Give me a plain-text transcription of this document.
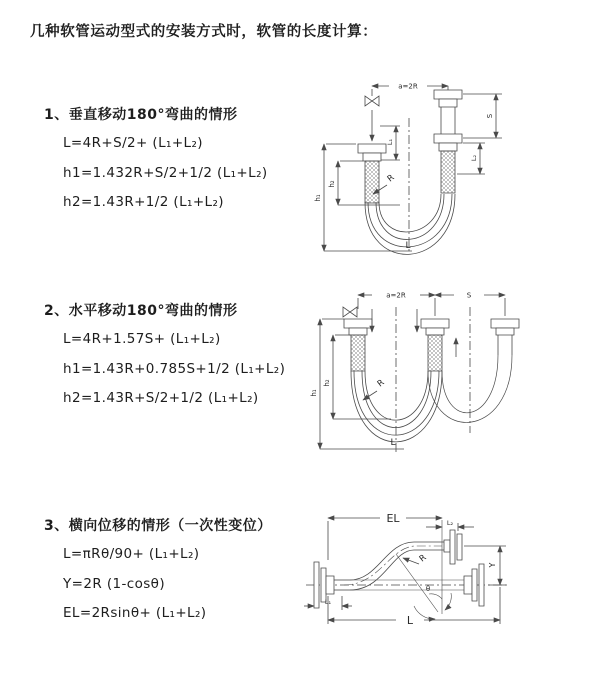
几种软管运动型式的安装方式时，软管的长度计算：
1、垂直移动180°弯曲的情形
L=4R+S/2+ (L₁+L₂)
h1=1.432R+S/2+1/2 (L₁+L₂)
h2=1.43R+1/2 (L₁+L₂)
2、水平移动180°弯曲的情形
L=4R+1.57S+ (L₁+L₂)
h1=1.43R+0.785S+1/2 (L₁+L₂)
h2=1.43R+S/2+1/2 (L₁+L₂)
3、横向位移的情形（一次性变位）
L=πRθ/90+ (L₁+L₂)
Y=2R (1-cosθ)
EL=2Rsinθ+ (L₁+L₂)
a=2R
h₁
h₂
L₁
S
L₂
R
L
a=2R	S
h₁
h₂	R
L
EL	L₂
Y
L
L₁
R
θ
